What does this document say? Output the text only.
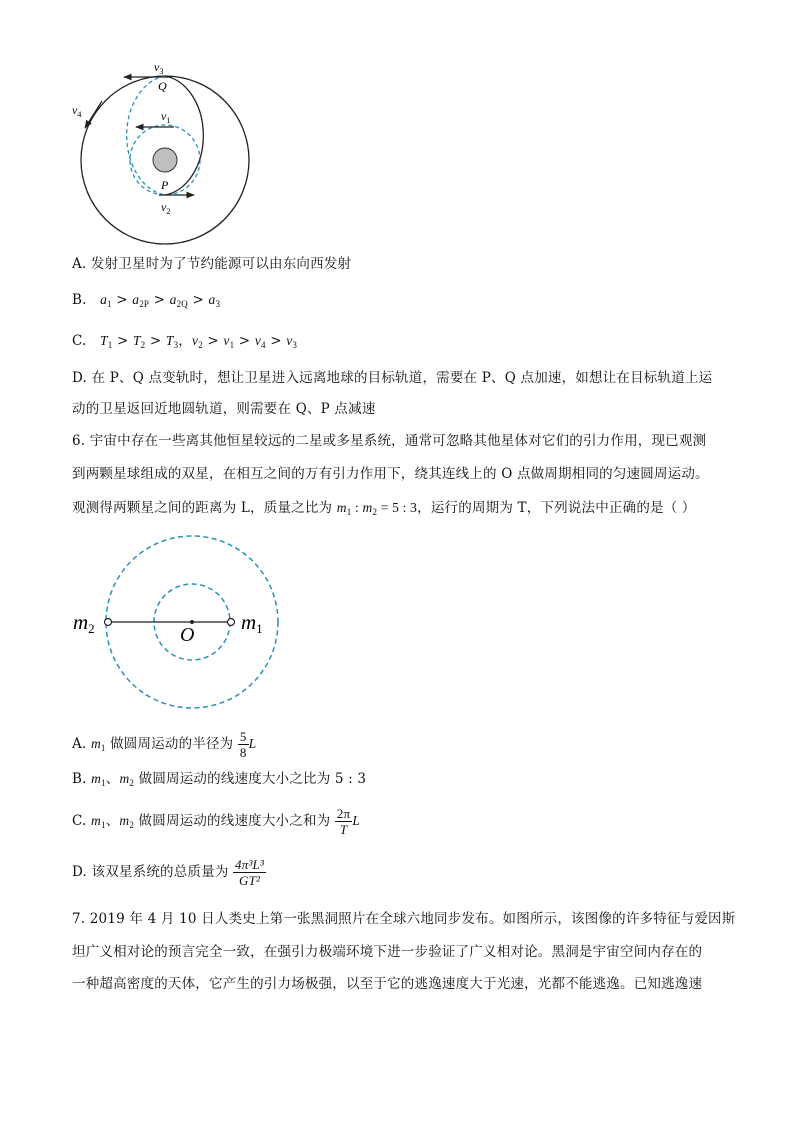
$v_3$
Q
$v_1$
$v_4$
P
$v_2$
A. 发射卫星时为了节约能源可以由东向西发射
B. $a_1 > a_{2P} > a_{2Q} > a_3$
C. $T_1 > T_2 > T_3$，$v_2 > v_1 > v_4 > v_3$
D. 在 P、Q 点变轨时，想让卫星进入远离地球的目标轨道，需要在 P、Q 点加速，如想让在目标轨道上运
动的卫星返回近地圆轨道，则需要在 Q、P 点减速
6. 宇宙中存在一些离其他恒星较远的二星或多星系统，通常可忽略其他星体对它们的引力作用，现已观测
到两颗星球组成的双星，在相互之间的万有引力作用下，绕其连线上的 O 点做周期相同的匀速圆周运动。
观测得两颗星之间的距离为 L，质量之比为 $m_1$ : $m_2 = 5$ : 3，运行的周期为 T，下列说法中正确的是（ ）
m2	O
m1
A. $m_1$ 做圆周运动的半径为 $\frac{5}{8}$ L
B. $m_1$、$m_2$ 做圆周运动的线速度大小之比为 5 : 3
C. $m_1$、$m_2$ 做圆周运动的线速度大小之和为 $\frac{2\pi}{T}$ L
D. 该双星系统的总质量为 $\frac{\text{4π³L³}}{\text{GT²}}$
7. 2019 年 4 月 10 日人类史上第一张黑洞照片在全球六地同步发布。如图所示，该图像的许多特征与爱因斯
坦广义相对论的预言完全一致，在强引力极端环境下进一步验证了广义相对论。黑洞是宇宙空间内存在的
一种超高密度的天体，它产生的引力场极强，以至于它的逃逸速度大于光速，光都不能逃逸。已知逃逸速
